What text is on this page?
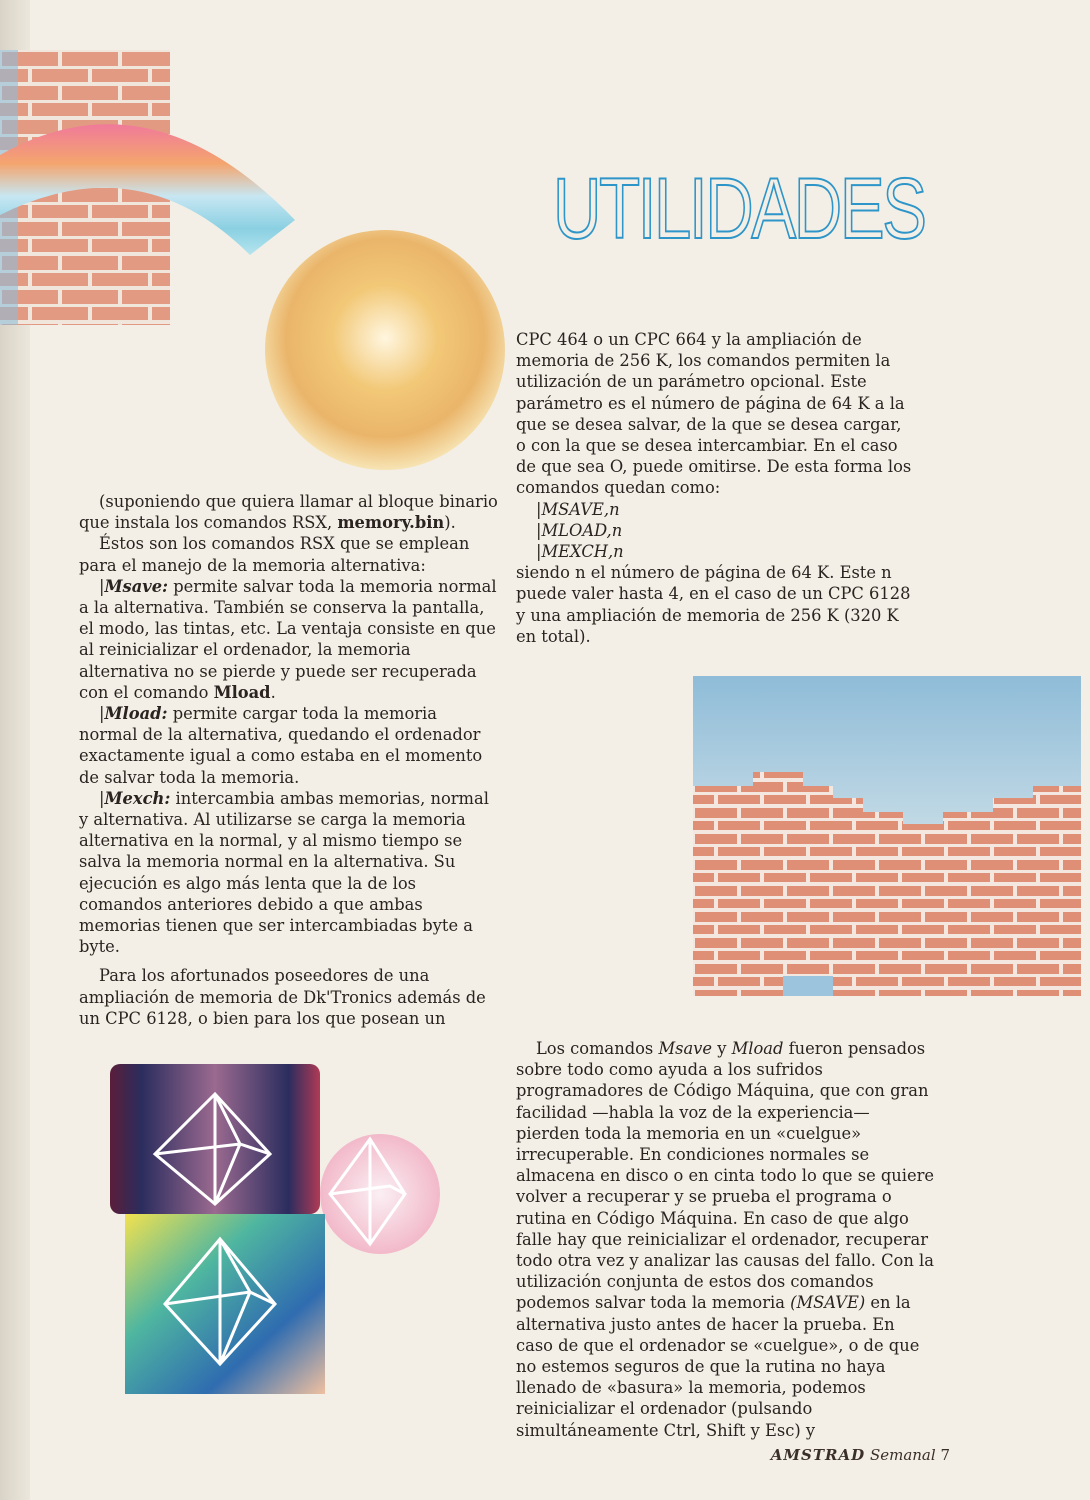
UTILIDADES

(suponiendo que quiera llamar al bloque binario que instala los comandos RSX, memory.bin).

Éstos son los comandos RSX que se emplean para el manejo de la memoria alternativa:

|Msave: permite salvar toda la memoria normal a la alternativa. También se conserva la pantalla, el modo, las tintas, etc. La ventaja consiste en que al reinicializar el ordenador, la memoria alternativa no se pierde y puede ser recuperada con el comando Mload.

|Mload: permite cargar toda la memoria normal de la alternativa, quedando el ordenador exactamente igual a como estaba en el momento de salvar toda la memoria.

|Mexch: intercambia ambas memorias, normal y alternativa. Al utilizarse se carga la memoria alternativa en la normal, y al mismo tiempo se salva la memoria normal en la alternativa. Su ejecución es algo más lenta que la de los comandos anteriores debido a que ambas memorias tienen que ser intercambiadas byte a byte.

Para los afortunados poseedores de una ampliación de memoria de Dk'Tronics además de un CPC 6128, o bien para los que posean un

CPC 464 o un CPC 664 y la ampliación de memoria de 256 K, los comandos permiten la utilización de un parámetro opcional. Este parámetro es el número de página de 64 K a la que se desea salvar, de la que se desea cargar, o con la que se desea intercambiar. En el caso de que sea O, puede omitirse. De esta forma los comandos quedan como:

|MSAVE,n

|MLOAD,n

|MEXCH,n

siendo n el número de página de 64 K. Este n puede valer hasta 4, en el caso de un CPC 6128 y una ampliación de memoria de 256 K (320 K en total).

Los comandos Msave y Mload fueron pensados sobre todo como ayuda a los sufridos programadores de Código Máquina, que con gran facilidad —habla la voz de la experiencia— pierden toda la memoria en un «cuelgue» irrecuperable. En condiciones normales se almacena en disco o en cinta todo lo que se quiere volver a recuperar y se prueba el programa o rutina en Código Máquina. En caso de que algo falle hay que reinicializar el ordenador, recuperar todo otra vez y analizar las causas del fallo. Con la utilización conjunta de estos dos comandos podemos salvar toda la memoria (MSAVE) en la alternativa justo antes de hacer la prueba. En caso de que el ordenador se «cuelgue», o de que no estemos seguros de que la rutina no haya llenado de «basura» la memoria, podemos reinicializar el ordenador (pulsando simultáneamente Ctrl, Shift y Esc) y

AMSTRAD Semanal 7
